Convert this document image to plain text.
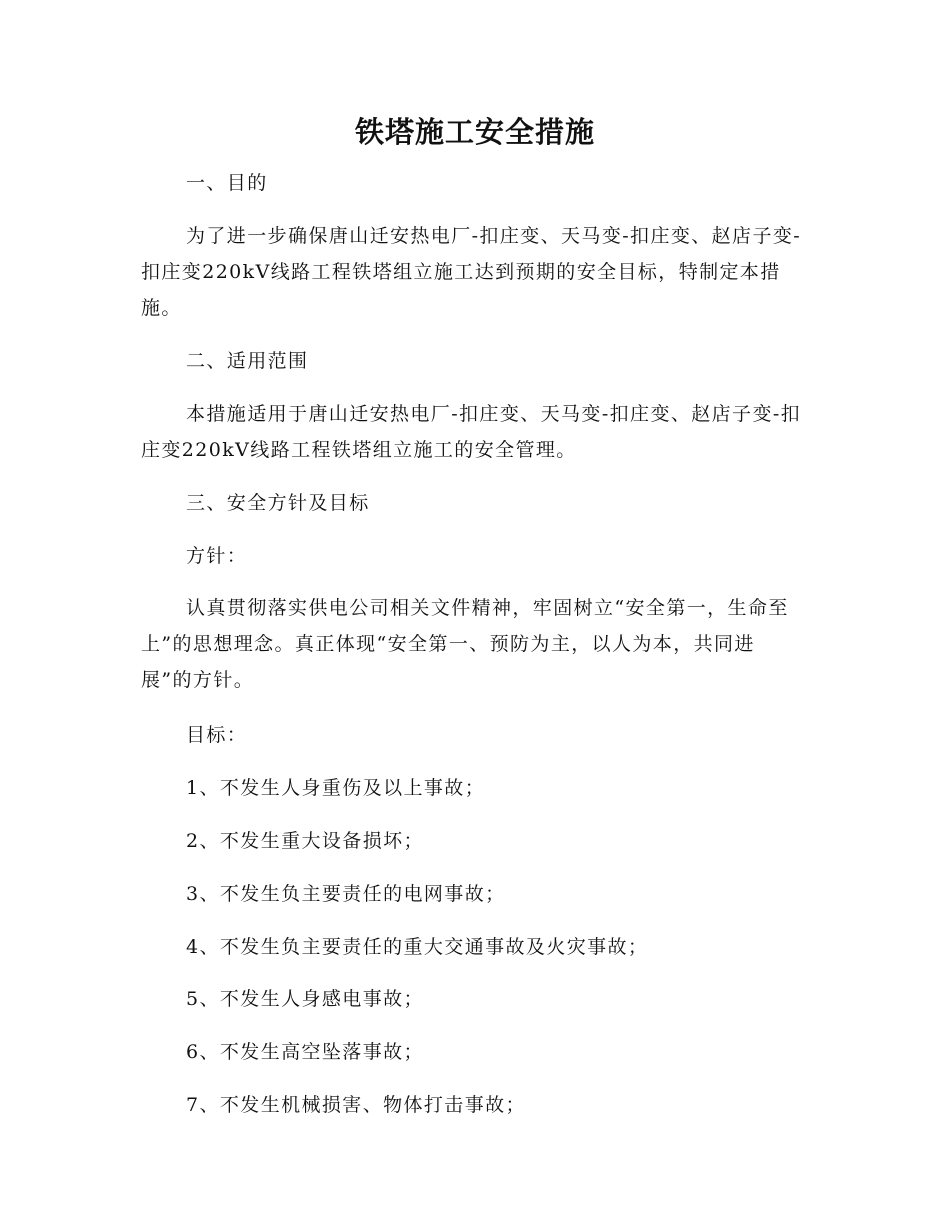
铁塔施工安全措施
一、目的
为了进一步确保唐山迁安热电厂-扣庄变、天马变-扣庄变、赵店子变-扣庄变220kV线路工程铁塔组立施工达到预期的安全目标，特制定本措施。
二、适用范围
本措施适用于唐山迁安热电厂-扣庄变、天马变-扣庄变、赵店子变-扣庄变220kV线路工程铁塔组立施工的安全管理。
三、安全方针及目标
方针：
认真贯彻落实供电公司相关文件精神，牢固树立“安全第一，生命至上”的思想理念。真正体现“安全第一、预防为主，以人为本，共同进展”的方针。
目标：
1、不发生人身重伤及以上事故；
2、不发生重大设备损坏；
3、不发生负主要责任的电网事故；
4、不发生负主要责任的重大交通事故及火灾事故；
5、不发生人身感电事故；
6、不发生高空坠落事故；
7、不发生机械损害、物体打击事故；
